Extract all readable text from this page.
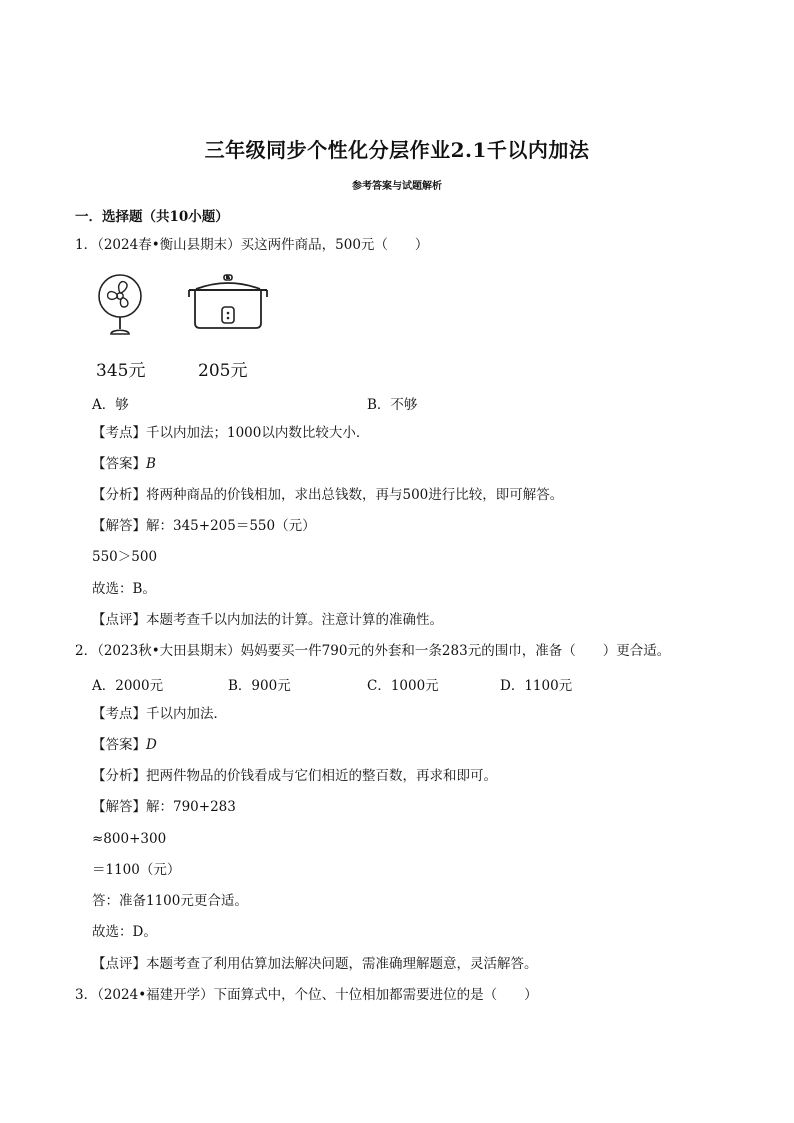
三年级同步个性化分层作业2.1千以内加法
参考答案与试题解析
一．选择题（共10小题）
1．（2024春•衡山县期末）买这两件商品，500元（　　）
345元	205元
A．够	B．不够
【考点】千以内加法；1000以内数比较大小．
【答案】B
【分析】将两种商品的价钱相加，求出总钱数，再与500进行比较，即可解答。
【解答】解：345+205＝550（元）
550＞500
故选：B。
【点评】本题考查千以内加法的计算。注意计算的准确性。
2．（2023秋•大田县期末）妈妈要买一件790元的外套和一条283元的围巾，准备（　　）更合适。
A．2000元	B．900元	C．1000元	D．1100元
【考点】千以内加法．
【答案】D
【分析】把两件物品的价钱看成与它们相近的整百数，再求和即可。
【解答】解：790+283
≈800+300
＝1100（元）
答：准备1100元更合适。
故选：D。
【点评】本题考查了利用估算加法解决问题，需准确理解题意，灵活解答。
3．（2024•福建开学）下面算式中，个位、十位相加都需要进位的是（　　）
